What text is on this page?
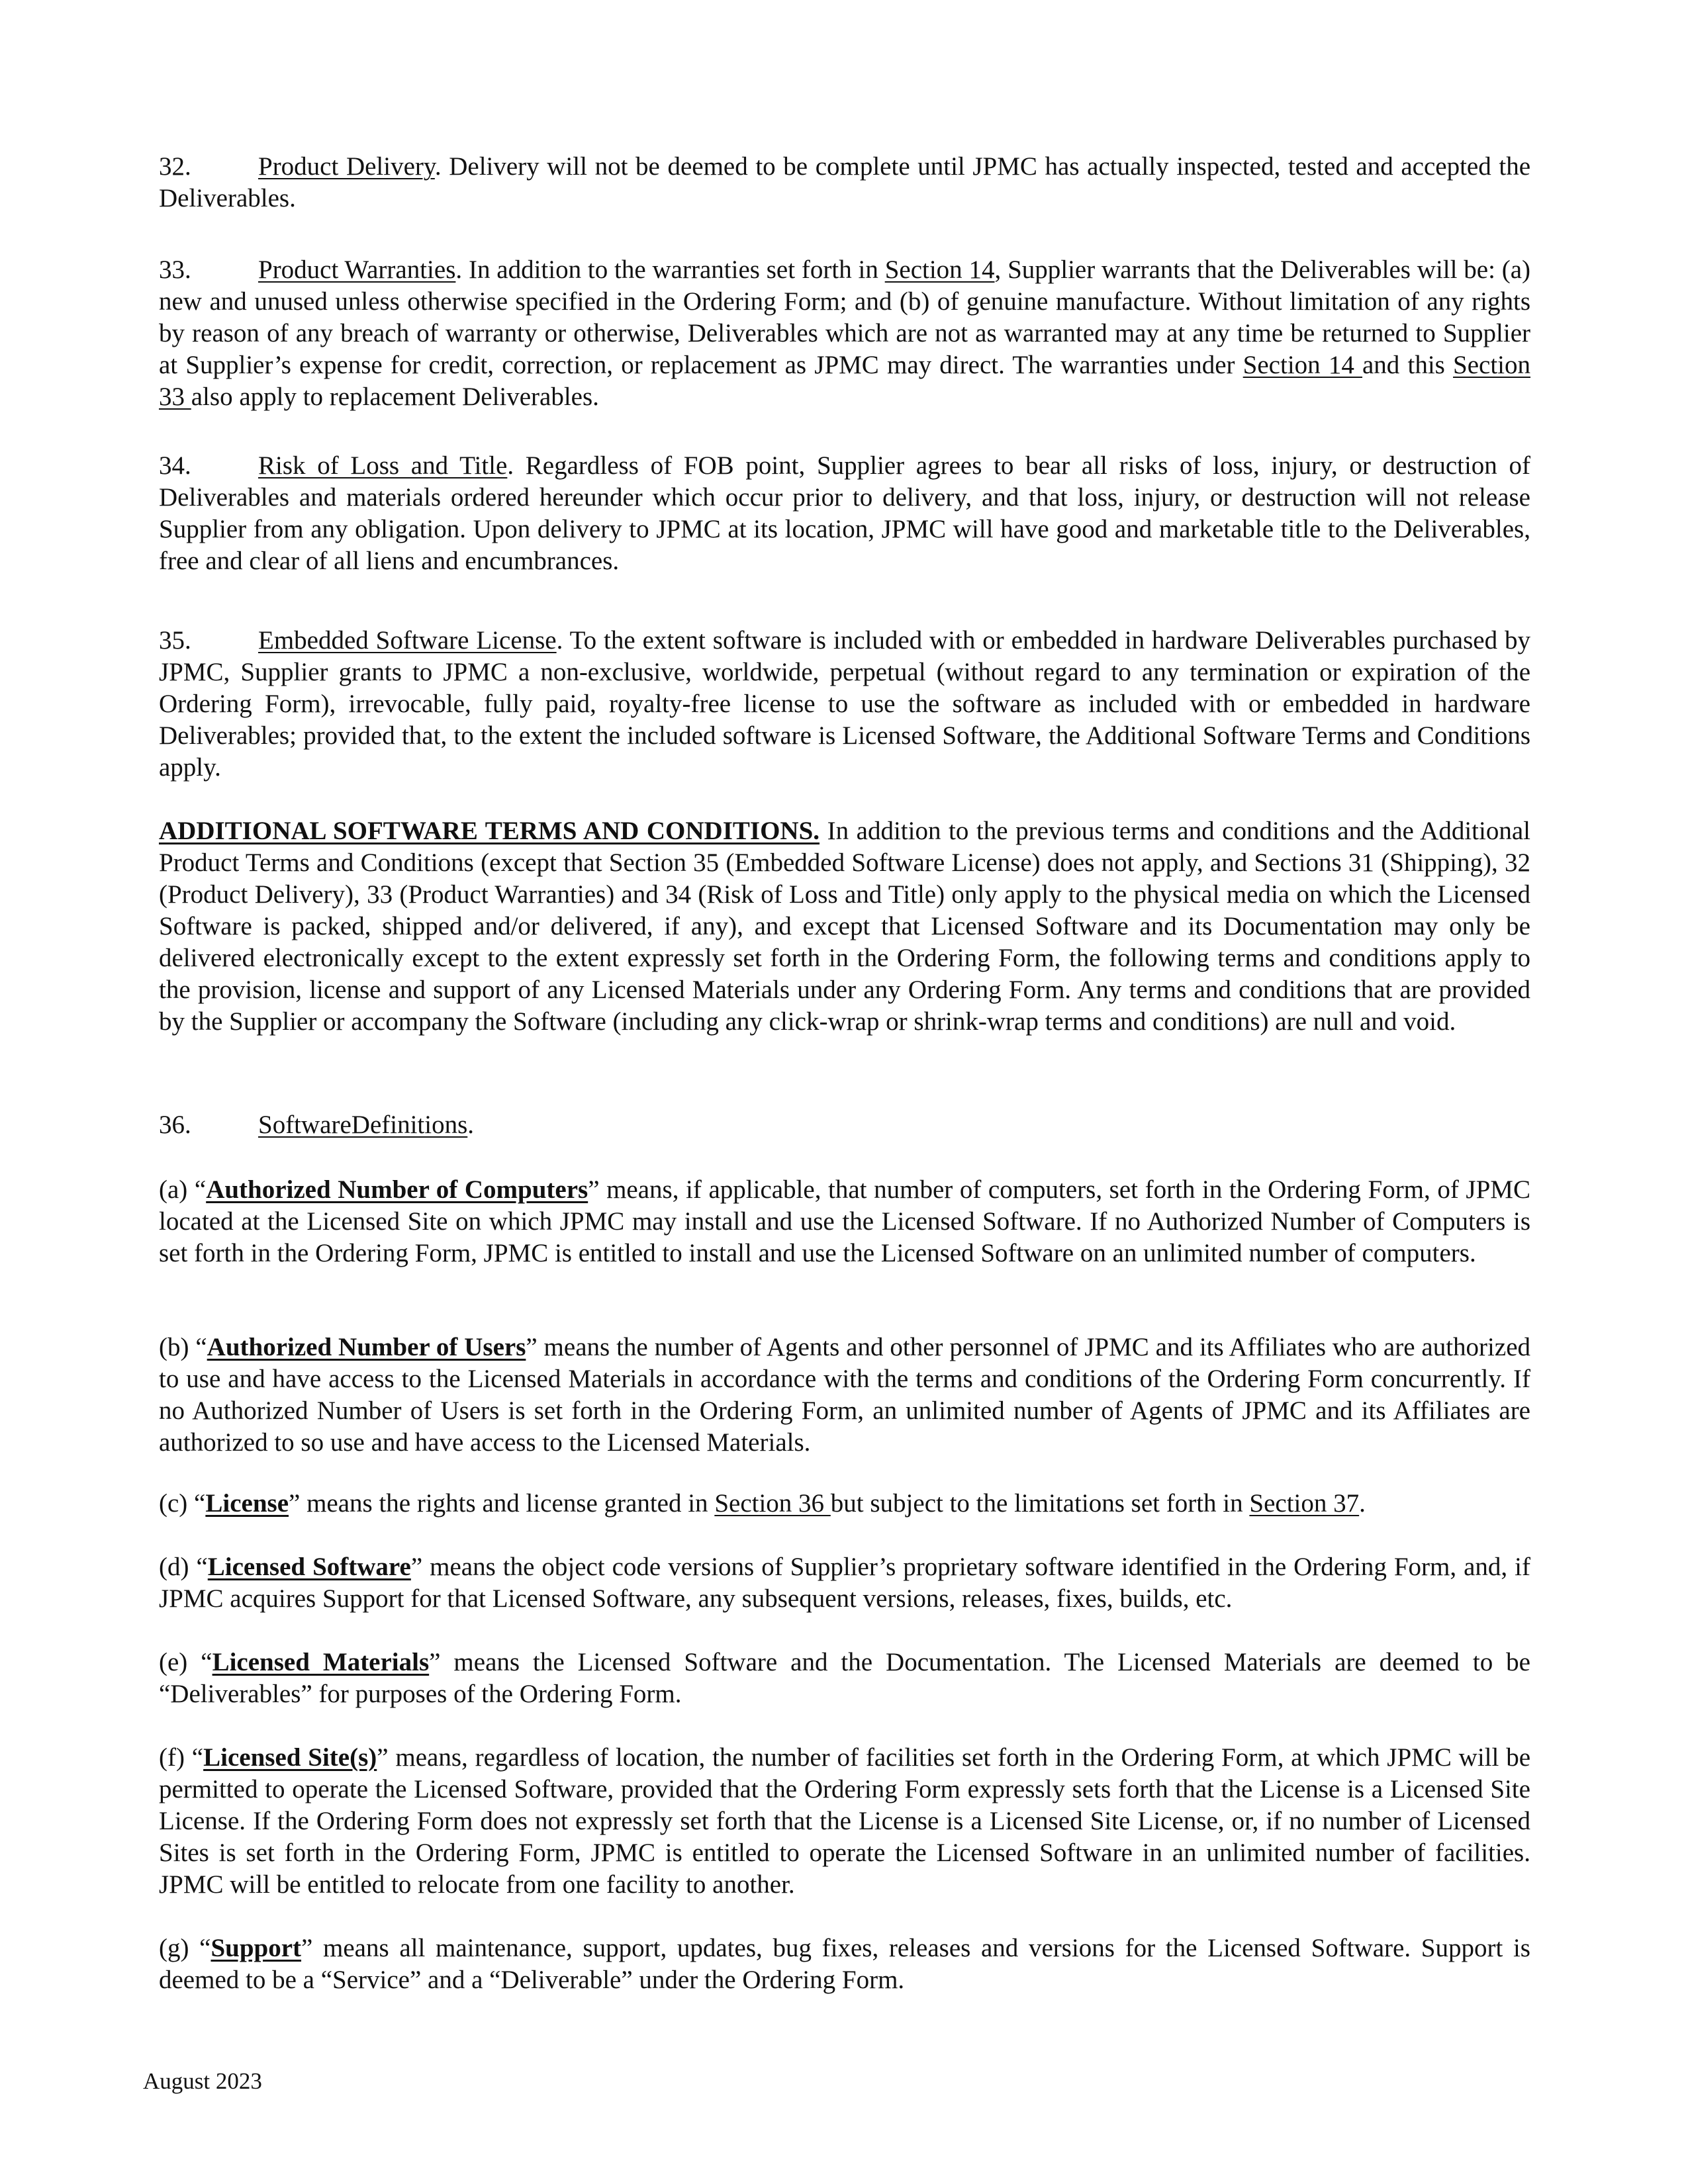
32.	Product Delivery. Delivery will not be deemed to be complete until JPMC has actually inspected, tested and accepted the Deliverables.

33.	Product Warranties. In addition to the warranties set forth in Section 14, Supplier warrants that the Deliverables will be: (a) new and unused unless otherwise specified in the Ordering Form; and (b) of genuine manufacture. Without limitation of any rights by reason of any breach of warranty or otherwise, Deliverables which are not as warranted may at any time be returned to Supplier at Supplier’s expense for credit, correction, or replacement as JPMC may direct. The warranties under Section 14 and this Section 33 also apply to replacement Deliverables.

34.	Risk of Loss and Title. Regardless of FOB point, Supplier agrees to bear all risks of loss, injury, or destruction of Deliverables and materials ordered hereunder which occur prior to delivery, and that loss, injury, or destruction will not release Supplier from any obligation. Upon delivery to JPMC at its location, JPMC will have good and marketable title to the Deliverables, free and clear of all liens and encumbrances.

35.	Embedded Software License. To the extent software is included with or embedded in hardware Deliverables purchased by JPMC, Supplier grants to JPMC a non-exclusive, worldwide, perpetual (without regard to any termination or expiration of the Ordering Form), irrevocable, fully paid, royalty-free license to use the software as included with or embedded in hardware Deliverables; provided that, to the extent the included software is Licensed Software, the Additional Software Terms and Conditions apply.

ADDITIONAL SOFTWARE TERMS AND CONDITIONS. In addition to the previous terms and conditions and the Additional Product Terms and Conditions (except that Section 35 (Embedded Software License) does not apply, and Sections 31 (Shipping), 32 (Product Delivery), 33 (Product Warranties) and 34 (Risk of Loss and Title) only apply to the physical media on which the Licensed Software is packed, shipped and/or delivered, if any), and except that Licensed Software and its Documentation may only be delivered electronically except to the extent expressly set forth in the Ordering Form, the following terms and conditions apply to the provision, license and support of any Licensed Materials under any Ordering Form. Any terms and conditions that are provided by the Supplier or accompany the Software (including any click-wrap or shrink-wrap terms and conditions) are null and void.

36.	SoftwareDefinitions.

(a) “Authorized Number of Computers” means, if applicable, that number of computers, set forth in the Ordering Form, of JPMC located at the Licensed Site on which JPMC may install and use the Licensed Software. If no Authorized Number of Computers is set forth in the Ordering Form, JPMC is entitled to install and use the Licensed Software on an unlimited number of computers.

(b) “Authorized Number of Users” means the number of Agents and other personnel of JPMC and its Affiliates who are authorized to use and have access to the Licensed Materials in accordance with the terms and conditions of the Ordering Form concurrently. If no Authorized Number of Users is set forth in the Ordering Form, an unlimited number of Agents of JPMC and its Affiliates are authorized to so use and have access to the Licensed Materials.

(c) “License” means the rights and license granted in Section 36 but subject to the limitations set forth in Section 37.

(d) “Licensed Software” means the object code versions of Supplier’s proprietary software identified in the Ordering Form, and, if JPMC acquires Support for that Licensed Software, any subsequent versions, releases, fixes, builds, etc.

(e) “Licensed Materials” means the Licensed Software and the Documentation. The Licensed Materials are deemed to be “Deliverables” for purposes of the Ordering Form.

(f) “Licensed Site(s)” means, regardless of location, the number of facilities set forth in the Ordering Form, at which JPMC will be permitted to operate the Licensed Software, provided that the Ordering Form expressly sets forth that the License is a Licensed Site License. If the Ordering Form does not expressly set forth that the License is a Licensed Site License, or, if no number of Licensed Sites is set forth in the Ordering Form, JPMC is entitled to operate the Licensed Software in an unlimited number of facilities. JPMC will be entitled to relocate from one facility to another.

(g) “Support” means all maintenance, support, updates, bug fixes, releases and versions for the Licensed Software. Support is deemed to be a “Service” and a “Deliverable” under the Ordering Form.

August 2023
